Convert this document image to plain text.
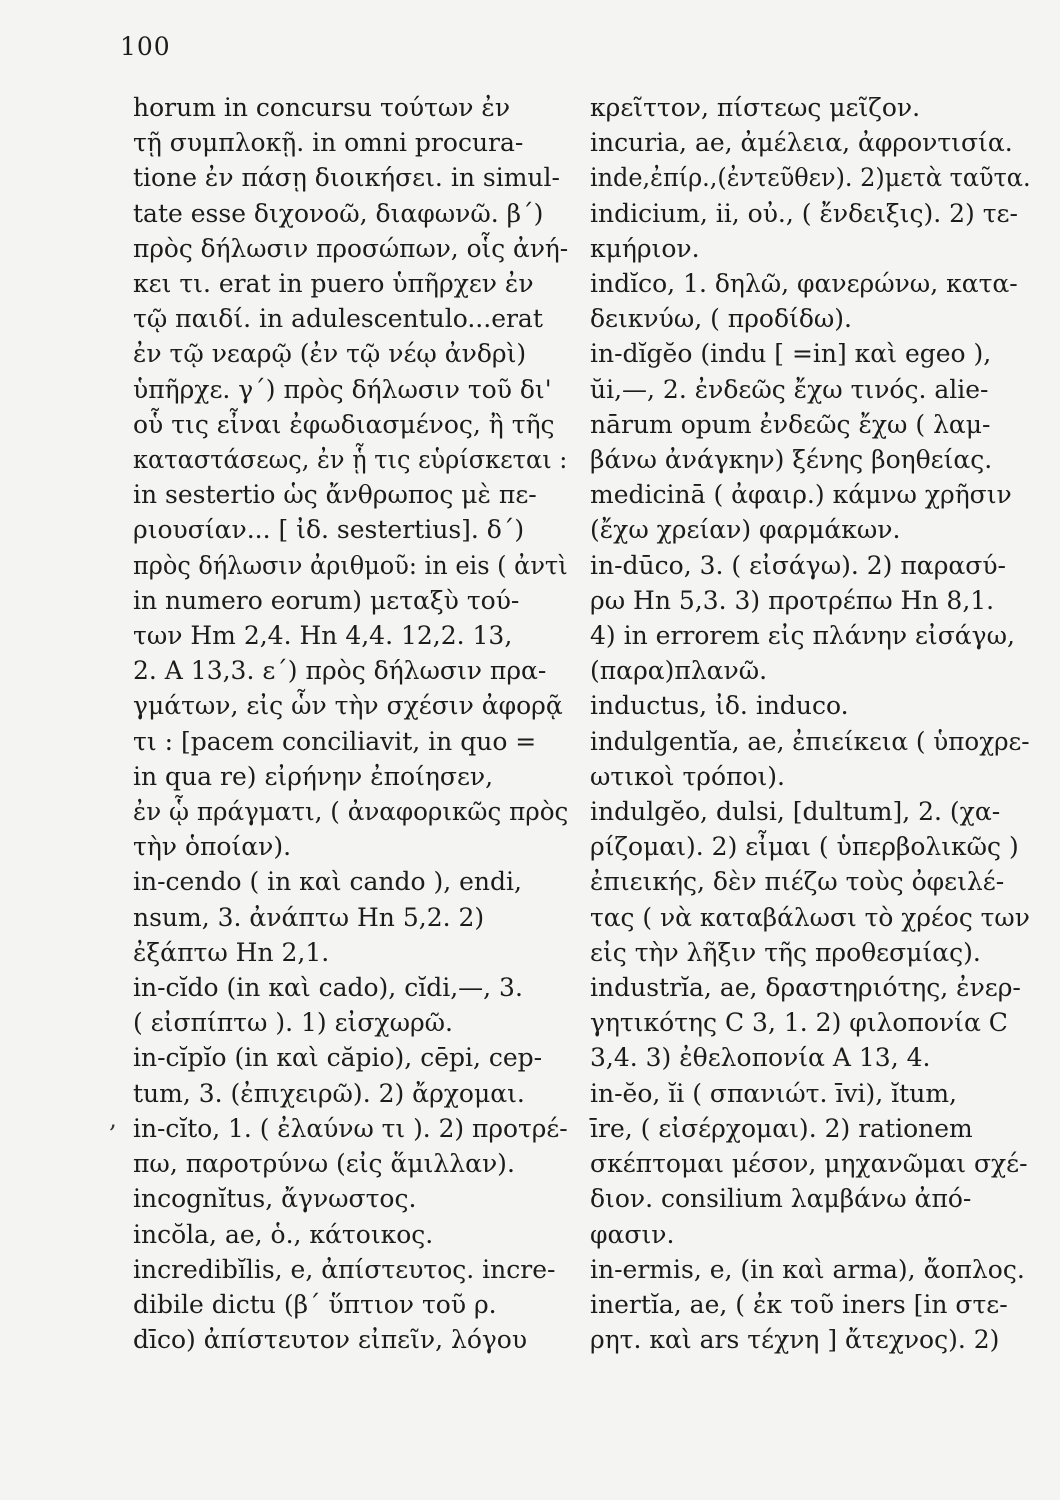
100
‚
horum in concursu τούτων ἐν
τῇ συμπλοκῇ. in omni procura-
tione ἐν πάσῃ διοικήσει. in simul-
tate esse διχονοῶ, διαφωνῶ. β΄)
πρὸς δήλωσιν προσώπων, οἷς ἀνή-
κει τι. erat in puero ὑπῆρχεν ἐν
τῷ παιδί. in adulescentulo...erat
ἐν τῷ νεαρῷ (ἐν τῷ νέῳ ἀνδρὶ)
ὑπῆρχε. γ΄) πρὸς δήλωσιν τοῦ δι'
οὗ τις εἶναι ἐφωδιασμένος, ἢ τῆς
καταστάσεως, ἐν ᾗ τις εὑρίσκεται :
in sestertio ὡς ἄνθρωπος μὲ πε-
ριουσίαν... [ ἰδ. sestertius]. δ΄)
πρὸς δήλωσιν ἀριθμοῦ: in eis ( ἀντὶ
in numero eorum) μεταξὺ τού-
των Hm 2,4. Hn 4,4. 12,2. 13,
2. A 13,3. ε΄) πρὸς δήλωσιν πρα-
γμάτων, εἰς ὧν τὴν σχέσιν ἀφορᾷ
τι : [pacem conciliavit, in quo =
in qua re) εἰρήνην ἐποίησεν,
ἐν ᾧ πράγματι, ( ἀναφορικῶς πρὸς
τὴν ὁποίαν).
in-cendo ( in καὶ cando ), endi,
nsum, 3. ἀνάπτω Hn 5,2. 2)
ἐξάπτω Hn 2,1.
in-cĭdo (in καὶ cado), cĭdi,—, 3.
( εἰσπίπτω ). 1) εἰσχωρῶ.
in-cĭpĭo (in καὶ căpio), cēpi, cep-
tum, 3. (ἐπιχειρῶ). 2) ἄρχομαι.
in-cĭto, 1. ( ἐλαύνω τι ). 2) προτρέ-
πω, παροτρύνω (εἰς ἅμιλλαν).
incognĭtus, ἄγνωστος.
incŏla, ae, ὁ., κάτοικος.
incredibĭlis, e, ἀπίστευτος. incre-
dibile dictu (β΄ ὕπτιον τοῦ ρ.
dīco) ἀπίστευτον εἰπεῖν, λόγου
κρεῖττον, πίστεως μεῖζον.
incuria, ae, ἀμέλεια, ἀφροντισία.
inde,ἐπίρ.,(ἐντεῦθεν). 2)μετὰ ταῦτα.
indicium, ii, οὐ., ( ἔνδειξις). 2) τε-
κμήριον.
indĭco, 1. δηλῶ, φανερώνω, κατα-
δεικνύω, ( προδίδω).
in-dĭgĕo (indu [ =in] καὶ egeo ),
ŭi,—, 2. ἐνδεῶς ἔχω τινός. alie-
nārum opum ἐνδεῶς ἔχω ( λαμ-
βάνω ἀνάγκην) ξένης βοηθείας.
medicinā ( ἀφαιρ.) κάμνω χρῆσιν
(ἔχω χρείαν) φαρμάκων.
in-dūco, 3. ( εἰσάγω). 2) παρασύ-
ρω Hn 5,3. 3) προτρέπω Hn 8,1.
4) in errorem εἰς πλάνην εἰσάγω,
(παρα)πλανῶ.
inductus, ἰδ. induco.
indulgentĭa, ae, ἐπιείκεια ( ὑποχρε-
ωτικοὶ τρόποι).
indulgĕo, dulsi, [dultum], 2. (χα-
ρίζομαι). 2) εἶμαι ( ὑπερβολικῶς )
ἐπιεικής, δὲν πιέζω τοὺς ὀφειλέ-
τας ( νὰ καταβάλωσι τὸ χρέος των
εἰς τὴν λῆξιν τῆς προθεσμίας).
industrĭa, ae, δραστηριότης, ἐνερ-
γητικότης C 3, 1. 2) φιλοπονία C
3,4. 3) ἐθελοπονία A 13, 4.
in-ĕo, ĭi ( σπανιώτ. īvi), ĭtum,
īre, ( εἰσέρχομαι). 2) rationem
σκέπτομαι μέσον, μηχανῶμαι σχέ-
διον. consilium λαμβάνω ἀπό-
φασιν.
in-ermis, e, (in καὶ arma), ἄοπλος.
inertĭa, ae, ( ἐκ τοῦ iners [in στε-
ρητ. καὶ ars τέχνη ] ἄτεχνος). 2)
